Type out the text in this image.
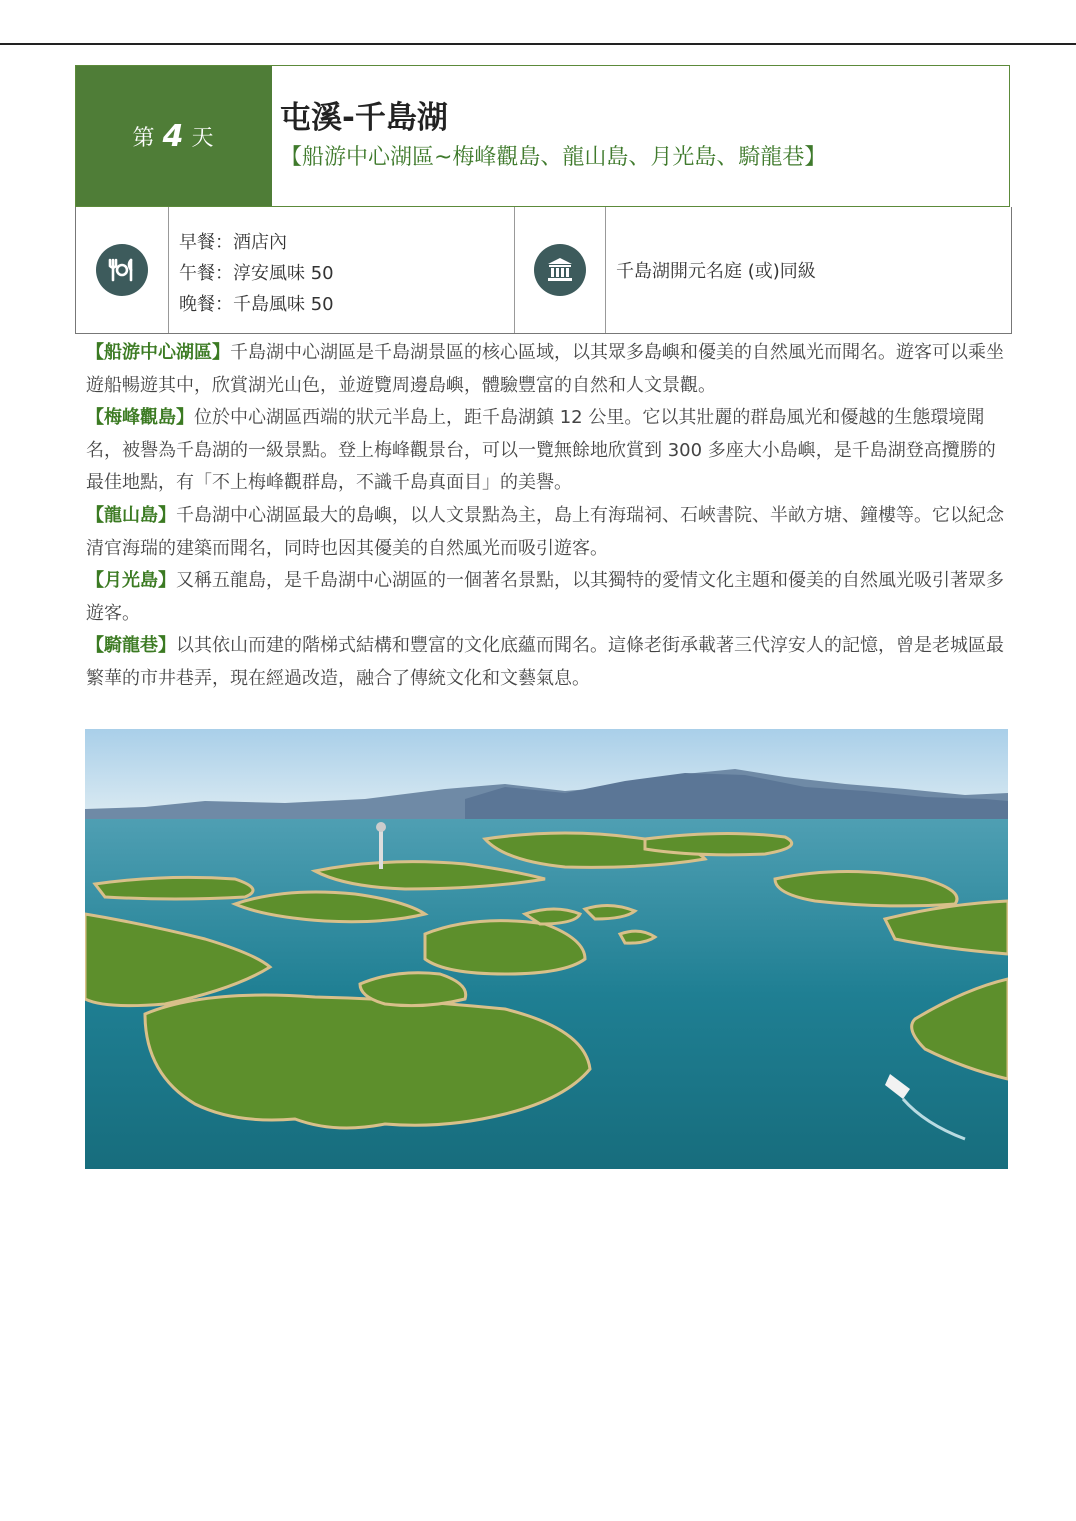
第 4 天
屯溪-千島湖
【船游中心湖區~梅峰觀島、龍山島、月光島、騎龍巷】
早餐：酒店內
午餐：淳安風味 50
晚餐：千島風味 50
千島湖開元名庭 (或)同級

【船游中心湖區】千島湖中心湖區是千島湖景區的核心區域，以其眾多島嶼和優美的自然風光而聞名。遊客可以乘坐遊船暢遊其中，欣賞湖光山色，並遊覽周邊島嶼，體驗豐富的自然和人文景觀。

【梅峰觀島】位於中心湖區西端的狀元半島上，距千島湖鎮 12 公里。它以其壯麗的群島風光和優越的生態環境聞名，被譽為千島湖的一級景點。登上梅峰觀景台，可以一覽無餘地欣賞到 300 多座大小島嶼，是千島湖登高攬勝的最佳地點，有「不上梅峰觀群島，不識千島真面目」的美譽。

【龍山島】千島湖中心湖區最大的島嶼，以人文景點為主，島上有海瑞祠、石峽書院、半畝方塘、鐘樓等。它以紀念清官海瑞的建築而聞名，同時也因其優美的自然風光而吸引遊客。

【月光島】又稱五龍島，是千島湖中心湖區的一個著名景點，以其獨特的愛情文化主題和優美的自然風光吸引著眾多遊客。

【騎龍巷】以其依山而建的階梯式結構和豐富的文化底蘊而聞名。這條老街承載著三代淳安人的記憶，曾是老城區最繁華的市井巷弄，現在經過改造，融合了傳統文化和文藝氣息。
